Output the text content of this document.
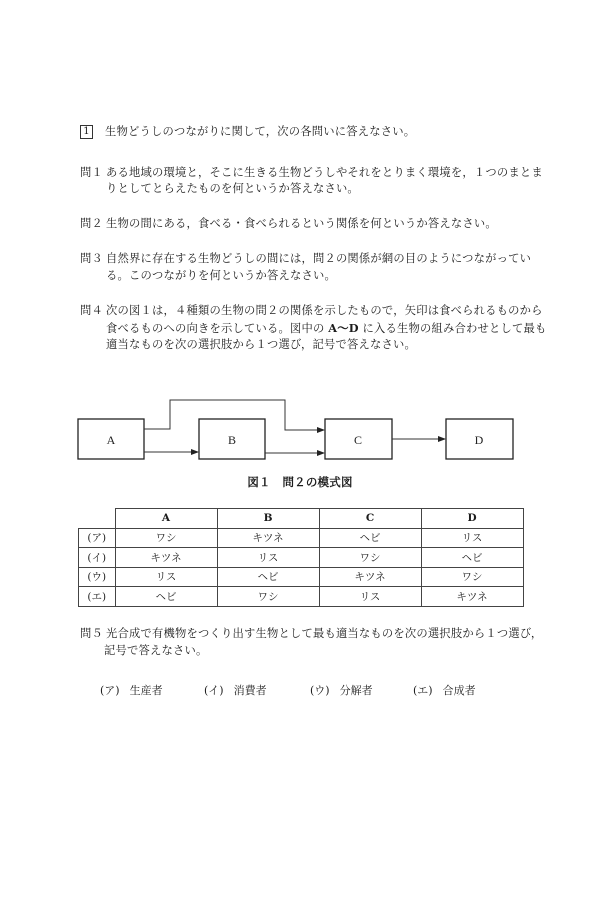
1 生物どうしのつながりに関して，次の各問いに答えなさい。
問１ ある地域の環境と，そこに生きる生物どうしやそれをとりまく環境を，１つのまとま
りとしてとらえたものを何というか答えなさい。
問２ 生物の間にある，食べる・食べられるという関係を何というか答えなさい。
問３ 自然界に存在する生物どうしの間には，問２の関係が網の目のようにつながってい
る。このつながりを何というか答えなさい。
問４ 次の図１は，４種類の生物の問２の関係を示したもので，矢印は食べられるものから
食べるものへの向きを示している。図中の A～D に入る生物の組み合わせとして最も
適当なものを次の選択肢から１つ選び，記号で答えなさい。
A	B	C	D
図１　問２の模式図
	A	B	C	D
(ア)	ワシ	キツネ	ヘビ	リス
(イ)	キツネ	リス	ワシ	ヘビ
(ウ)	リス	ヘビ	キツネ	ワシ
(エ)	ヘビ	ワシ	リス	キツネ
問５ 光合成で有機物をつくり出す生物として最も適当なものを次の選択肢から１つ選び，
記号で答えなさい。
(ア) 生産者	(イ) 消費者	(ウ) 分解者	(エ) 合成者
